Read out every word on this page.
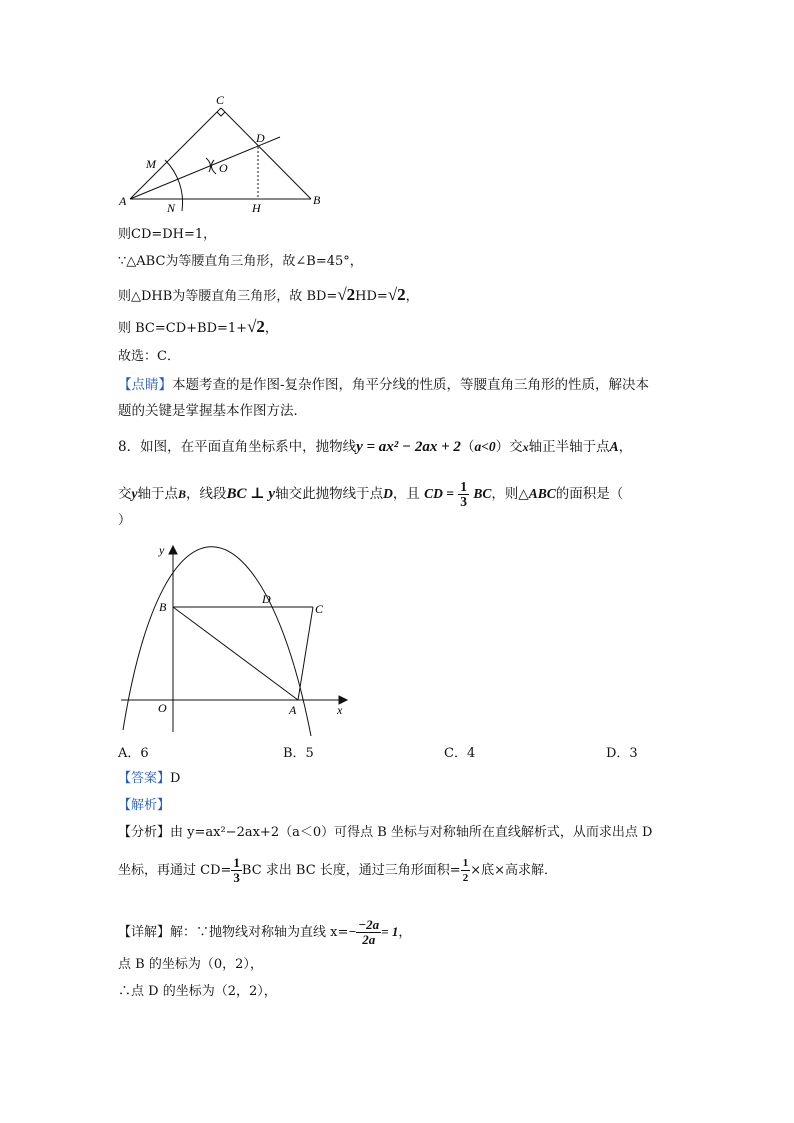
C
D
M	O
A	N	H
B
则CD=DH=1，
∵△ABC为等腰直角三角形，故∠B=45°，
则△DHB为等腰直角三角形，故 BD=√2HD=√2，
则 BC=CD+BD=1+√2，
故选：C．
【点睛】本题考查的是作图-复杂作图，角平分线的性质，等腰直角三角形的性质，解决本
题的关键是掌握基本作图方法．
8．如图，在平面直角坐标系中，抛物线y = ax² − 2ax + 2（a<0）交x轴正半轴于点A，
交y轴于点B，线段BC ⊥ y轴交此抛物线于点D，且 CD = $\frac{1}{3}$ BC，则△ABC的面积是（
）
y
x
B
D
C
O	A
A．6	B．5	C．4	D．3
【答案】D
【解析】
【分析】由 y=ax²−2ax+2（a＜0）可得点 B 坐标与对称轴所在直线解析式，从而求出点 D
坐标，再通过 $CD= \frac{1}{3}$ BC 求出 BC 长度，通过三角形面积= $\frac{1}{2}$ ×底×高求解．
【详解】解：∵抛物线对称轴为直线 $x=- \frac{-2a}{2a} = 1$，
点 B 的坐标为（0，2），
∴点 D 的坐标为（2，2），
